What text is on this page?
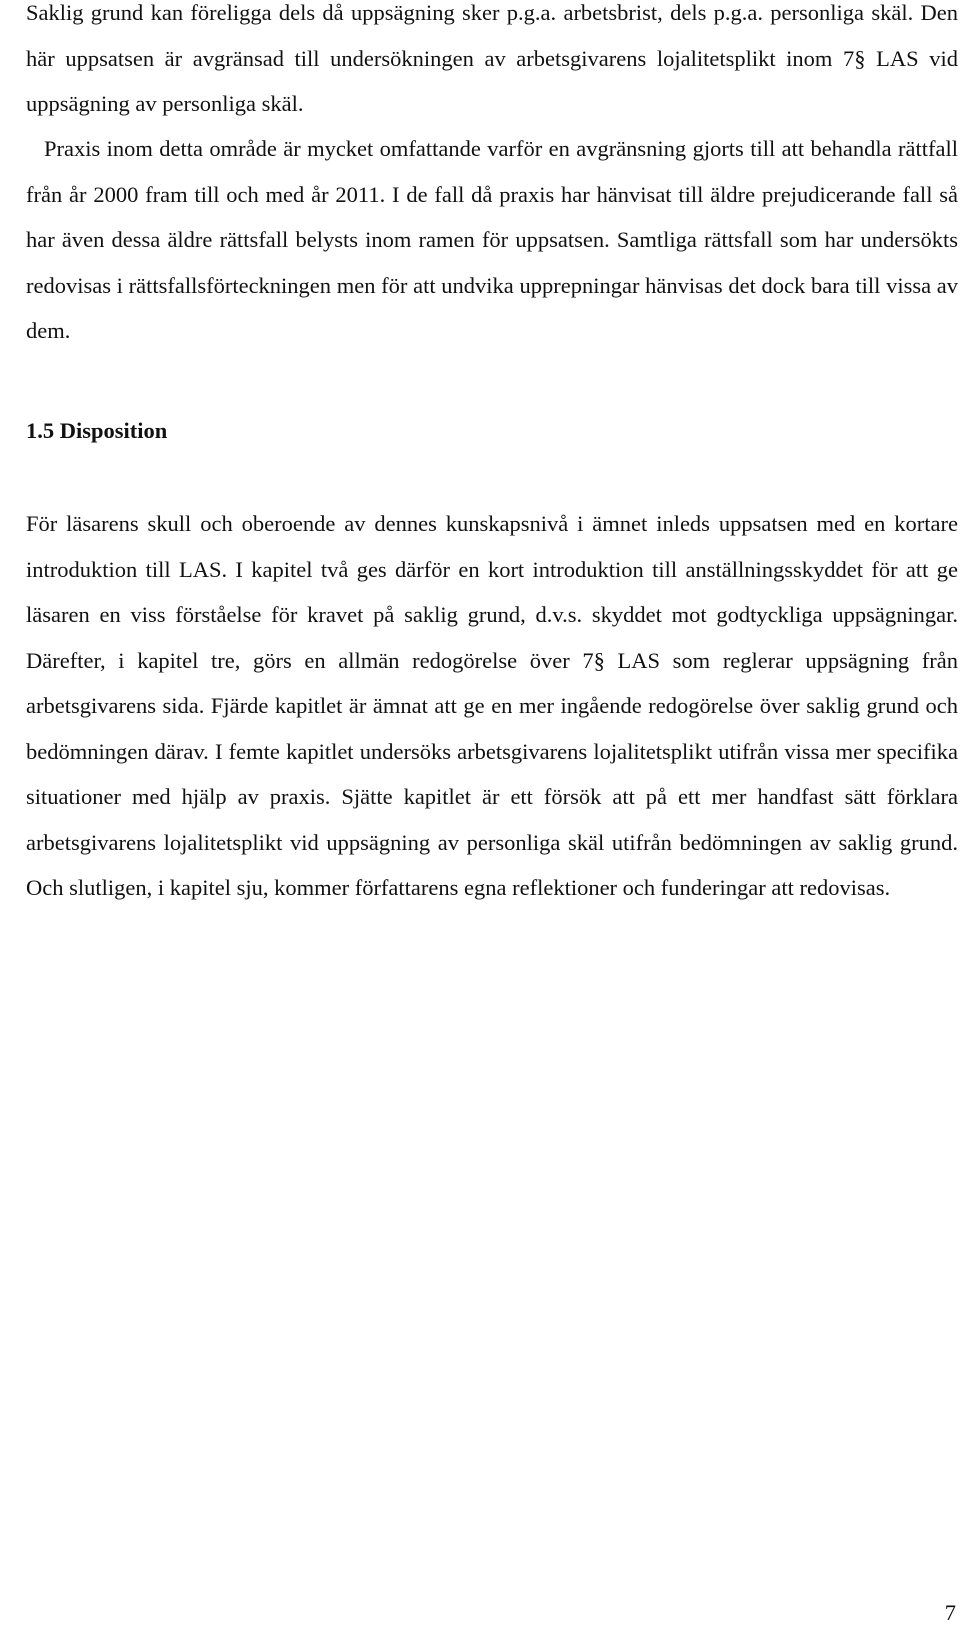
Saklig grund kan föreligga dels då uppsägning sker p.g.a. arbetsbrist, dels p.g.a. personliga skäl. Den här uppsatsen är avgränsad till undersökningen av arbetsgivarens lojalitetsplikt inom 7§ LAS vid uppsägning av personliga skäl.

Praxis inom detta område är mycket omfattande varför en avgränsning gjorts till att behandla rättfall från år 2000 fram till och med år 2011. I de fall då praxis har hänvisat till äldre prejudicerande fall så har även dessa äldre rättsfall belysts inom ramen för uppsatsen. Samtliga rättsfall som har undersökts redovisas i rättsfallsförteckningen men för att undvika upprepningar hänvisas det dock bara till vissa av dem.

1.5 Disposition

För läsarens skull och oberoende av dennes kunskapsnivå i ämnet inleds uppsatsen med en kortare introduktion till LAS. I kapitel två ges därför en kort introduktion till anställningsskyddet för att ge läsaren en viss förståelse för kravet på saklig grund, d.v.s. skyddet mot godtyckliga uppsägningar. Därefter, i kapitel tre, görs en allmän redogörelse över 7§ LAS som reglerar uppsägning från arbetsgivarens sida. Fjärde kapitlet är ämnat att ge en mer ingående redogörelse över saklig grund och bedömningen därav. I femte kapitlet undersöks arbetsgivarens lojalitetsplikt utifrån vissa mer specifika situationer med hjälp av praxis. Sjätte kapitlet är ett försök att på ett mer handfast sätt förklara arbetsgivarens lojalitetsplikt vid uppsägning av personliga skäl utifrån bedömningen av saklig grund. Och slutligen, i kapitel sju, kommer författarens egna reflektioner och funderingar att redovisas.

7
